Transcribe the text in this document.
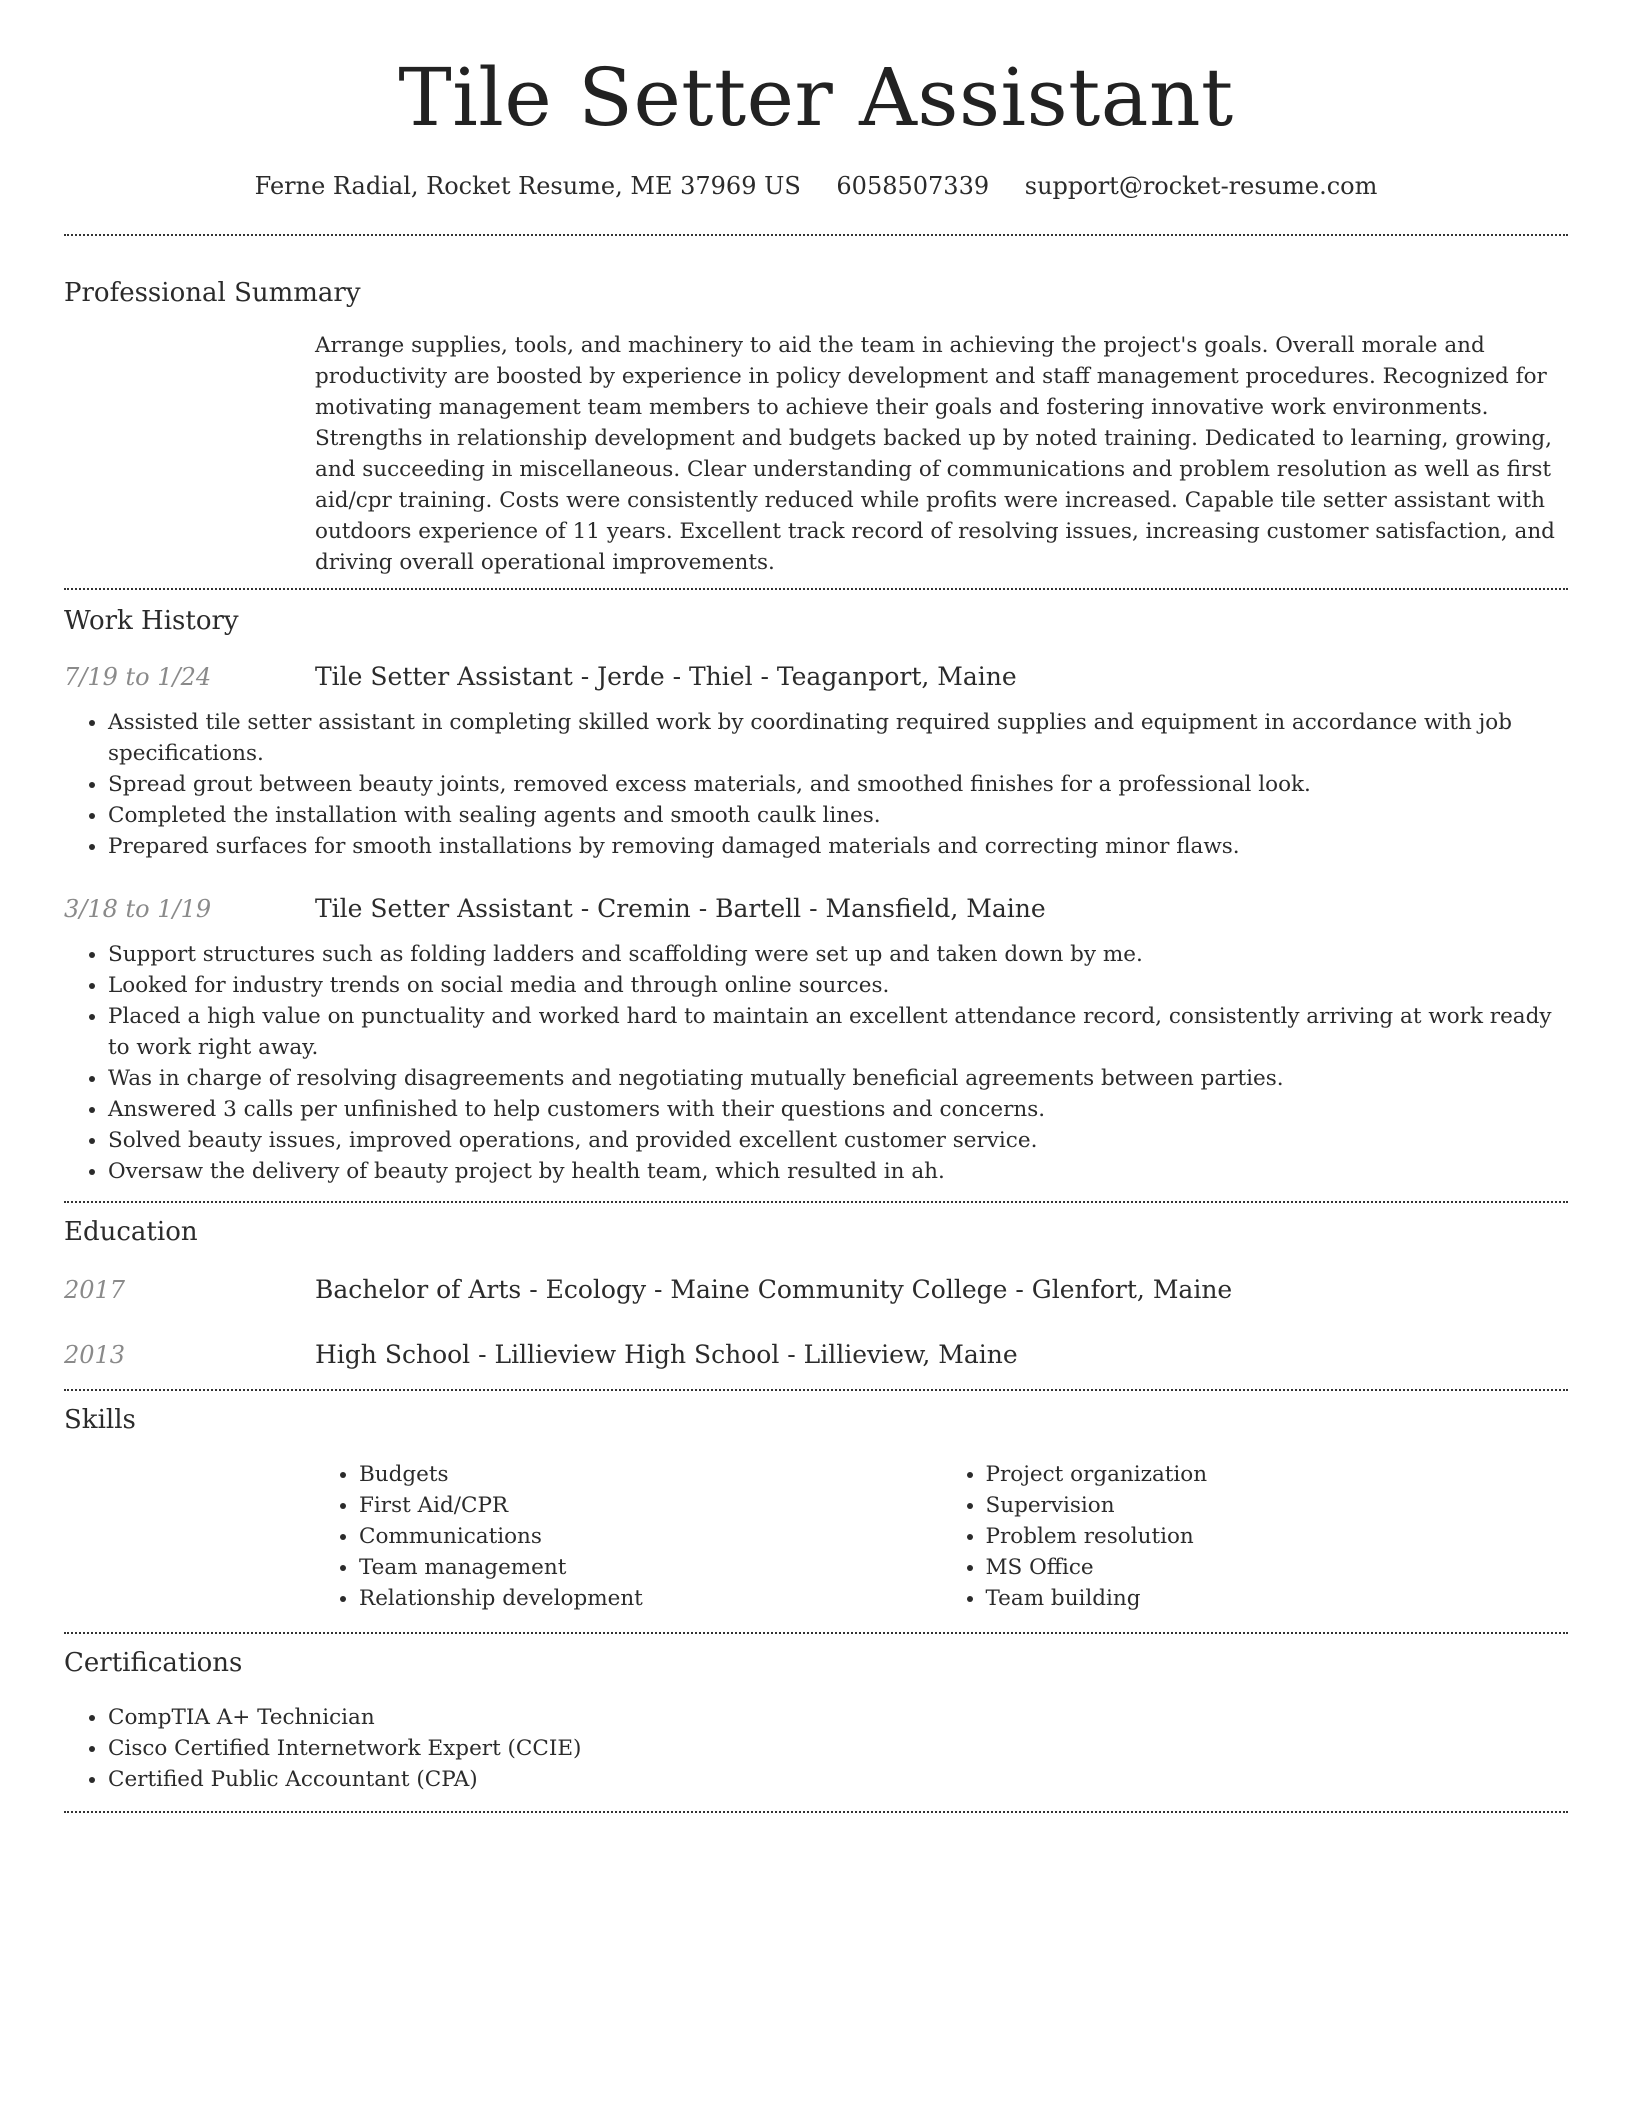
Tile Setter Assistant
Ferne Radial, Rocket Resume, ME 37969 US 6058507339 support@rocket-resume.com
Professional Summary
Arrange supplies, tools, and machinery to aid the team in achieving the project's goals. Overall morale and productivity are boosted by experience in policy development and staff management procedures. Recognized for motivating management team members to achieve their goals and fostering innovative work environments. Strengths in relationship development and budgets backed up by noted training. Dedicated to learning, growing, and succeeding in miscellaneous. Clear understanding of communications and problem resolution as well as first aid/cpr training. Costs were consistently reduced while profits were increased. Capable tile setter assistant with outdoors experience of 11 years. Excellent track record of resolving issues, increasing customer satisfaction, and driving overall operational improvements.
Work History
7/19 to 1/24	Tile Setter Assistant - Jerde - Thiel - Teaganport, Maine
• Assisted tile setter assistant in completing skilled work by coordinating required supplies and equipment in accordance with job specifications.
• Spread grout between beauty joints, removed excess materials, and smoothed finishes for a professional look.
• Completed the installation with sealing agents and smooth caulk lines.
• Prepared surfaces for smooth installations by removing damaged materials and correcting minor flaws.
3/18 to 1/19	Tile Setter Assistant - Cremin - Bartell - Mansfield, Maine
• Support structures such as folding ladders and scaffolding were set up and taken down by me.
• Looked for industry trends on social media and through online sources.
• Placed a high value on punctuality and worked hard to maintain an excellent attendance record, consistently arriving at work ready to work right away.
• Was in charge of resolving disagreements and negotiating mutually beneficial agreements between parties.
• Answered 3 calls per unfinished to help customers with their questions and concerns.
• Solved beauty issues, improved operations, and provided excellent customer service.
• Oversaw the delivery of beauty project by health team, which resulted in ah.
Education
2017	Bachelor of Arts - Ecology - Maine Community College - Glenfort, Maine
2013	High School - Lillieview High School - Lillieview, Maine
Skills
• Budgets
• First Aid/CPR
• Communications
• Team management
• Relationship development
• Project organization
• Supervision
• Problem resolution
• MS Office
• Team building
Certifications
• CompTIA A+ Technician
• Cisco Certified Internetwork Expert (CCIE)
• Certified Public Accountant (CPA)
